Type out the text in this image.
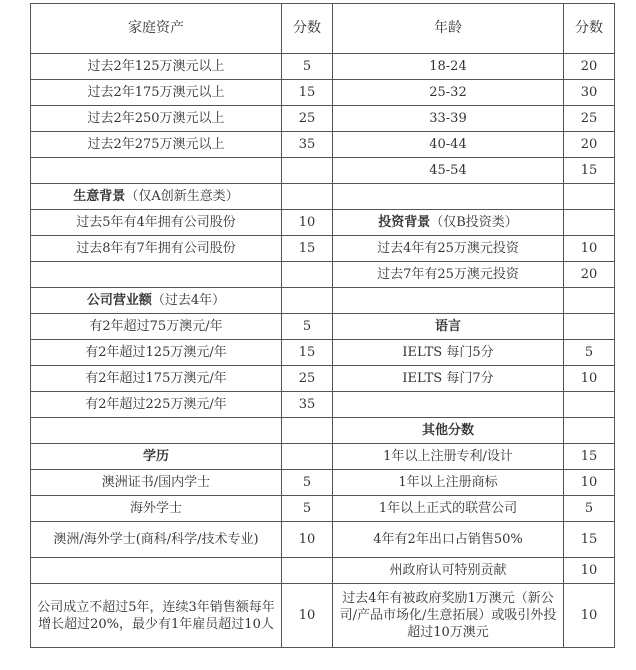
家庭资产	分数	年龄	分数
过去2年125万澳元以上	5	18-24	20
过去2年175万澳元以上	15	25-32	30
过去2年250万澳元以上	25	33-39	25
过去2年275万澳元以上	35	40-44	20
		45-54	15
生意背景（仅A创新生意类）			
过去5年有4年拥有公司股份	10	投资背景（仅B投资类）	
过去8年有7年拥有公司股份	15	过去4年有25万澳元投资	10
		过去7年有25万澳元投资	20
公司营业额（过去4年）			
有2年超过75万澳元/年	5	语言	
有2年超过125万澳元/年	15	IELTS 每门5分	5
有2年超过175万澳元/年	25	IELTS 每门7分	10
有2年超过225万澳元/年	35		
		其他分数	
学历		1年以上注册专利/设计	15
澳洲证书/国内学士	5	1年以上注册商标	10
海外学士	5	1年以上正式的联营公司	5
澳洲/海外学士(商科/科学/技术专业)	10	4年有2年出口占销售50%	15
		州政府认可特别贡献	10
公司成立不超过5年，连续3年销售额每年增长超过20%，最少有1年雇员超过10人	10	过去4年有被政府奖励1万澳元（新公司/产品市场化/生意拓展）或吸引外投超过10万澳元	10
